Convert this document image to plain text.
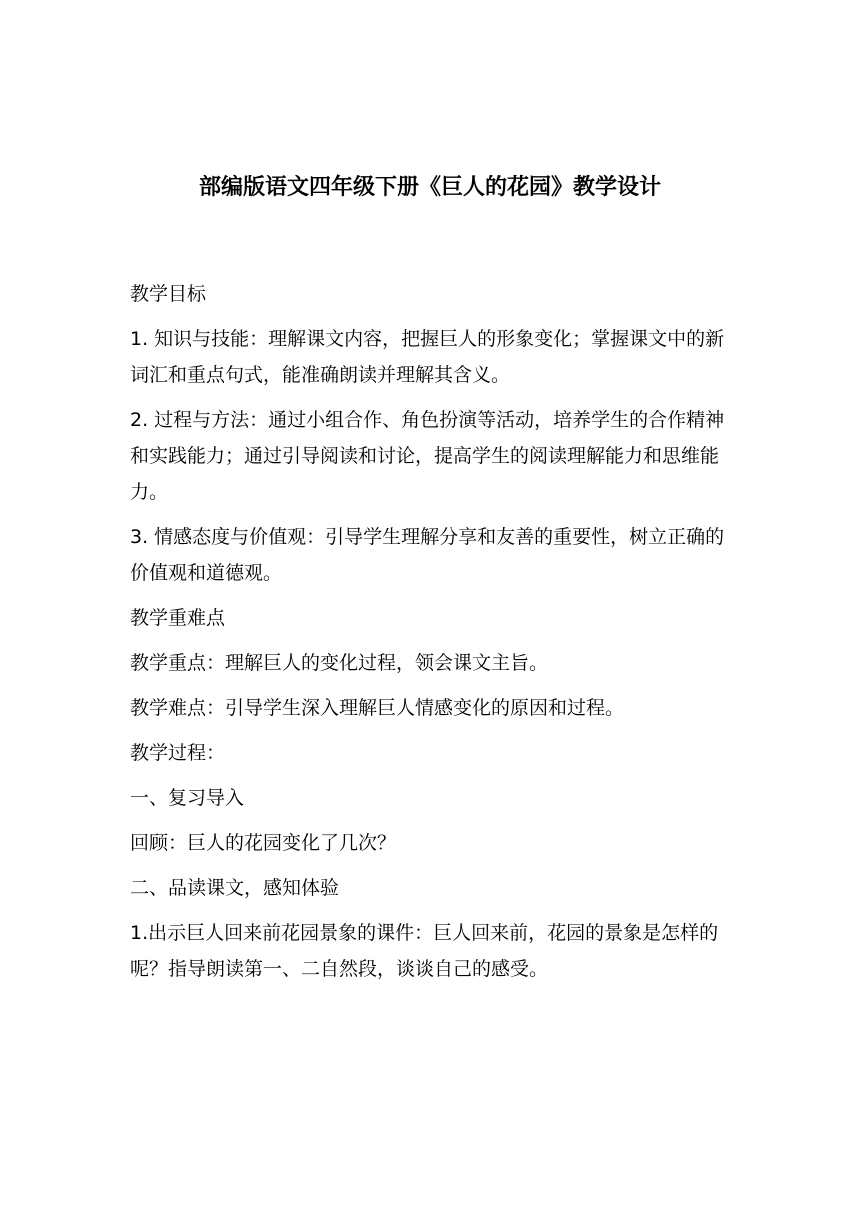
部编版语文四年级下册《巨人的花园》教学设计

教学目标

1. 知识与技能：理解课文内容，把握巨人的形象变化；掌握课文中的新词汇和重点句式，能准确朗读并理解其含义。

2. 过程与方法：通过小组合作、角色扮演等活动，培养学生的合作精神和实践能力；通过引导阅读和讨论，提高学生的阅读理解能力和思维能力。

3. 情感态度与价值观：引导学生理解分享和友善的重要性，树立正确的价值观和道德观。

教学重难点

教学重点：理解巨人的变化过程，领会课文主旨。

教学难点：引导学生深入理解巨人情感变化的原因和过程。

教学过程：

一、复习导入

回顾：巨人的花园变化了几次？

二、品读课文，感知体验

1.出示巨人回来前花园景象的课件：巨人回来前，花园的景象是怎样的呢？指导朗读第一、二自然段，谈谈自己的感受。
